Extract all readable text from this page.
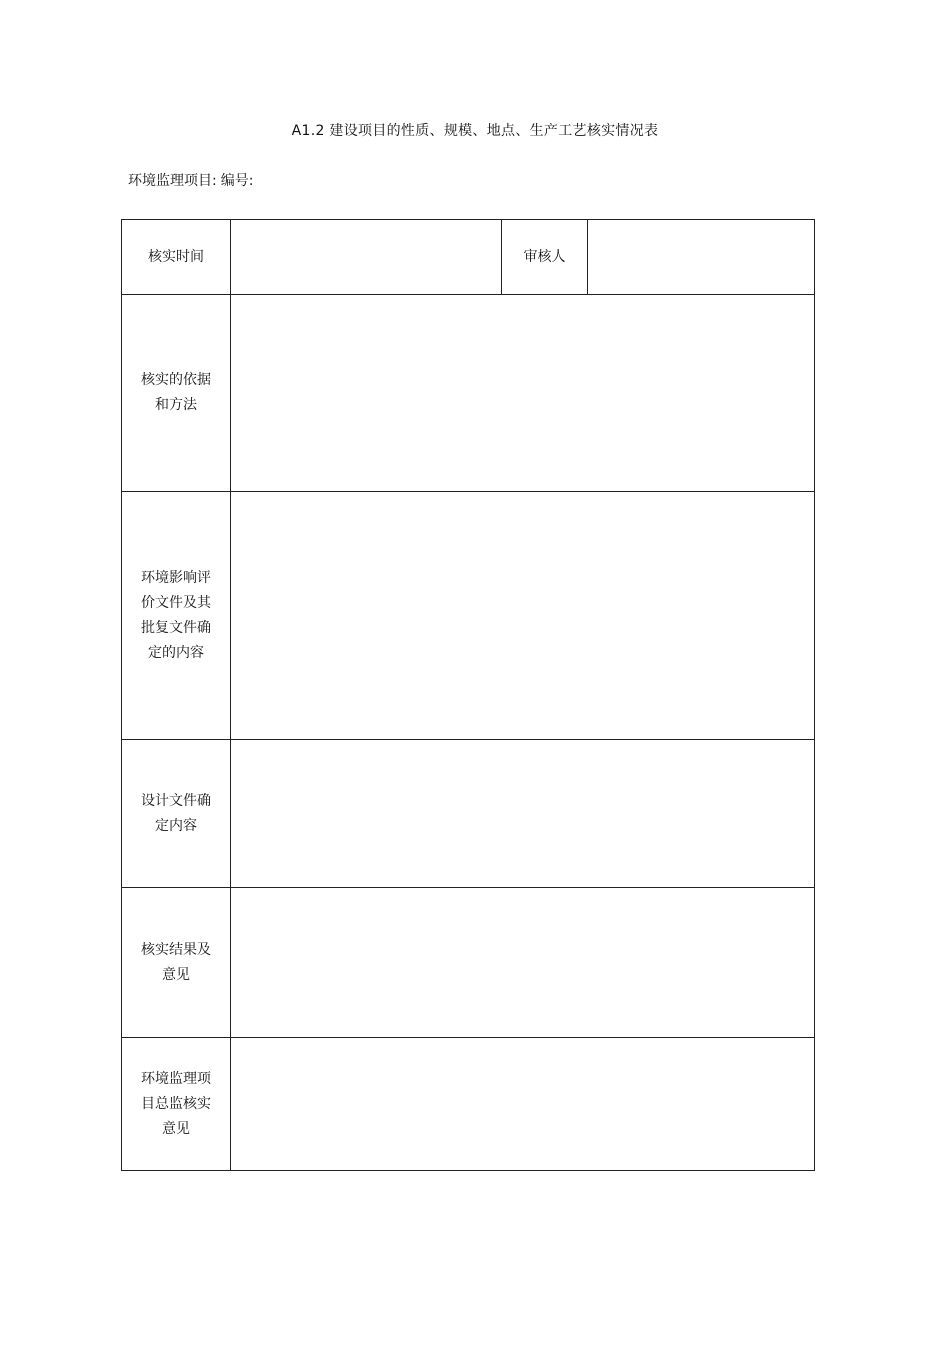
A1.2 建设项目的性质、规模、地点、生产工艺核实情况表
环境监理项目: 编号:
核实时间		审核人	
核实的依据和方法			
环境影响评价文件及其批复文件确定的内容			
设计文件确定内容			
核实结果及意见			
环境监理项目总监核实意见			
